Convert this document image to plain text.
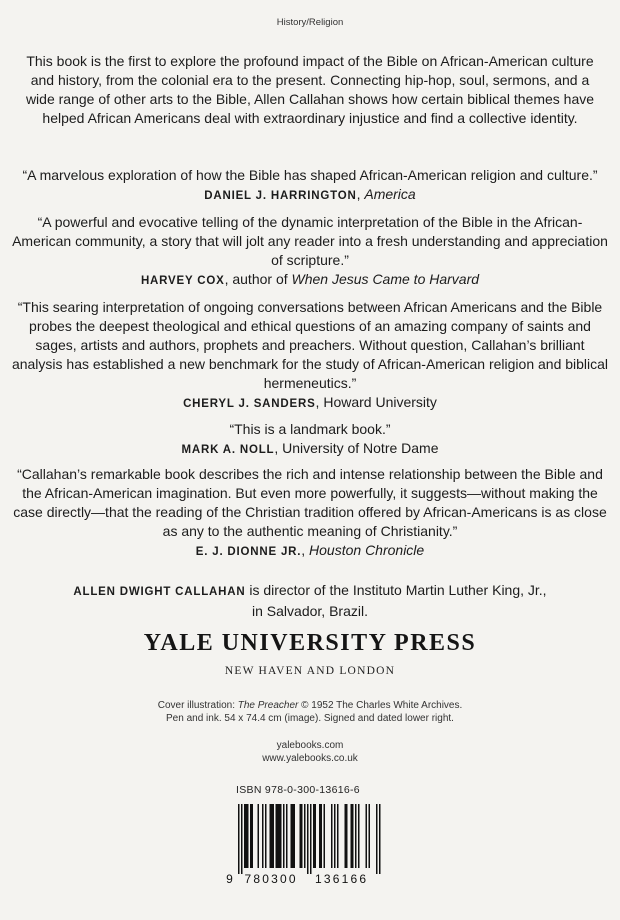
History/Religion
This book is the first to explore the profound impact of the Bible on African-American culture and history, from the colonial era to the present. Connecting hip-hop, soul, sermons, and a wide range of other arts to the Bible, Allen Callahan shows how certain biblical themes have helped African Americans deal with extraordinary injustice and find a collective identity.

“A marvelous exploration of how the Bible has shaped African-American religion and culture.”

DANIEL J. HARRINGTON, America

“A powerful and evocative telling of the dynamic interpretation of the Bible in the African-American community, a story that will jolt any reader into a fresh understanding and appreciation of scripture.”

HARVEY COX, author of When Jesus Came to Harvard

“This searing interpretation of ongoing conversations between African Americans and the Bible probes the deepest theological and ethical questions of an amazing company of saints and sages, artists and authors, prophets and preachers. Without question, Callahan’s brilliant analysis has established a new benchmark for the study of African-American religion and biblical hermeneutics.”

CHERYL J. SANDERS, Howard University

“This is a landmark book.”

MARK A. NOLL, University of Notre Dame

“Callahan’s remarkable book describes the rich and intense relationship between the Bible and the African-American imagination. But even more powerfully, it suggests—without making the case directly—that the reading of the Christian tradition offered by African-Americans is as close as any to the authentic meaning of Christianity.”

E. J. DIONNE JR., Houston Chronicle

ALLEN DWIGHT CALLAHAN is director of the Instituto Martin Luther King, Jr.,
in Salvador, Brazil.
YALE UNIVERSITY PRESS
NEW HAVEN AND LONDON
Cover illustration: The Preacher © 1952 The Charles White Archives.
Pen and ink. 54 x 74.4 cm (image). Signed and dated lower right.
yalebooks.com
www.yalebooks.co.uk
ISBN 978-0-300-13616-6
9 780300 136166
